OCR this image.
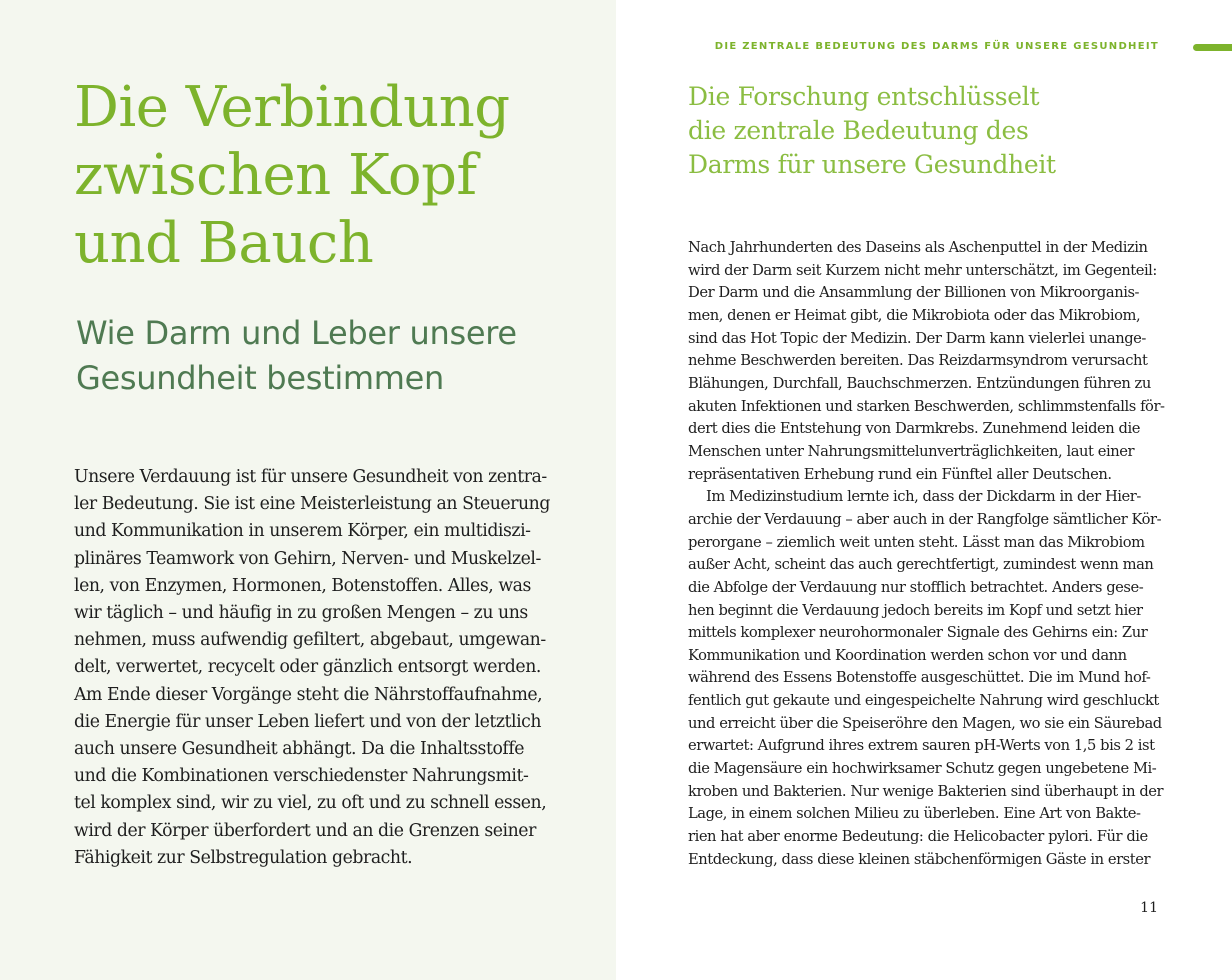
Die Verbindung
zwischen Kopf
und Bauch
Wie Darm und Leber unsere
Gesundheit bestimmen
Unsere Verdauung ist für unsere Gesundheit von zentra-
ler Bedeutung. Sie ist eine Meisterleistung an Steuerung
und Kommunikation in unserem Körper, ein multidiszi-
plinäres Teamwork von Gehirn, Nerven- und Muskelzel-
len, von Enzymen, Hormonen, Botenstoffen. Alles, was
wir täglich – und häufig in zu großen Mengen – zu uns
nehmen, muss aufwendig gefiltert, abgebaut, umgewan-
delt, verwertet, recycelt oder gänzlich entsorgt werden.
Am Ende dieser Vorgänge steht die Nährstoffaufnahme,
die Energie für unser Leben liefert und von der letztlich
auch unsere Gesundheit abhängt. Da die Inhaltsstoffe
und die Kombinationen verschiedenster Nahrungsmit-
tel komplex sind, wir zu viel, zu oft und zu schnell essen,
wird der Körper überfordert und an die Grenzen seiner
Fähigkeit zur Selbstregulation gebracht.
DIE ZENTRALE BEDEUTUNG DES DARMS FÜR UNSERE GESUNDHEIT
Die Forschung entschlüsselt
die zentrale Bedeutung des
Darms für unsere Gesundheit
Nach Jahrhunderten des Daseins als Aschenputtel in der Medizin
wird der Darm seit Kurzem nicht mehr unterschätzt, im Gegenteil:
Der Darm und die Ansammlung der Billionen von Mikroorganis-
men, denen er Heimat gibt, die Mikrobiota oder das Mikrobiom,
sind das Hot Topic der Medizin. Der Darm kann vielerlei unange-
nehme Beschwerden bereiten. Das Reizdarmsyndrom verursacht
Blähungen, Durchfall, Bauchschmerzen. Entzündungen führen zu
akuten Infektionen und starken Beschwerden, schlimmstenfalls för-
dert dies die Entstehung von Darmkrebs. Zunehmend leiden die
Menschen unter Nahrungsmittelunverträglichkeiten, laut einer
repräsentativen Erhebung rund ein Fünftel aller Deutschen.
Im Medizinstudium lernte ich, dass der Dickdarm in der Hier-
archie der Verdauung – aber auch in der Rangfolge sämtlicher Kör-
perorgane – ziemlich weit unten steht. Lässt man das Mikrobiom
außer Acht, scheint das auch gerechtfertigt, zumindest wenn man
die Abfolge der Verdauung nur stofflich betrachtet. Anders gese-
hen beginnt die Verdauung jedoch bereits im Kopf und setzt hier
mittels komplexer neurohormonaler Signale des Gehirns ein: Zur
Kommunikation und Koordination werden schon vor und dann
während des Essens Botenstoffe ausgeschüttet. Die im Mund hof-
fentlich gut gekaute und eingespeichelte Nahrung wird geschluckt
und erreicht über die Speiseröhre den Magen, wo sie ein Säurebad
erwartet: Aufgrund ihres extrem sauren pH-Werts von 1,5 bis 2 ist
die Magensäure ein hochwirksamer Schutz gegen ungebetene Mi-
kroben und Bakterien. Nur wenige Bakterien sind überhaupt in der
Lage, in einem solchen Milieu zu überleben. Eine Art von Bakte-
rien hat aber enorme Bedeutung: die Helicobacter pylori. Für die
Entdeckung, dass diese kleinen stäbchenförmigen Gäste in erster
11
